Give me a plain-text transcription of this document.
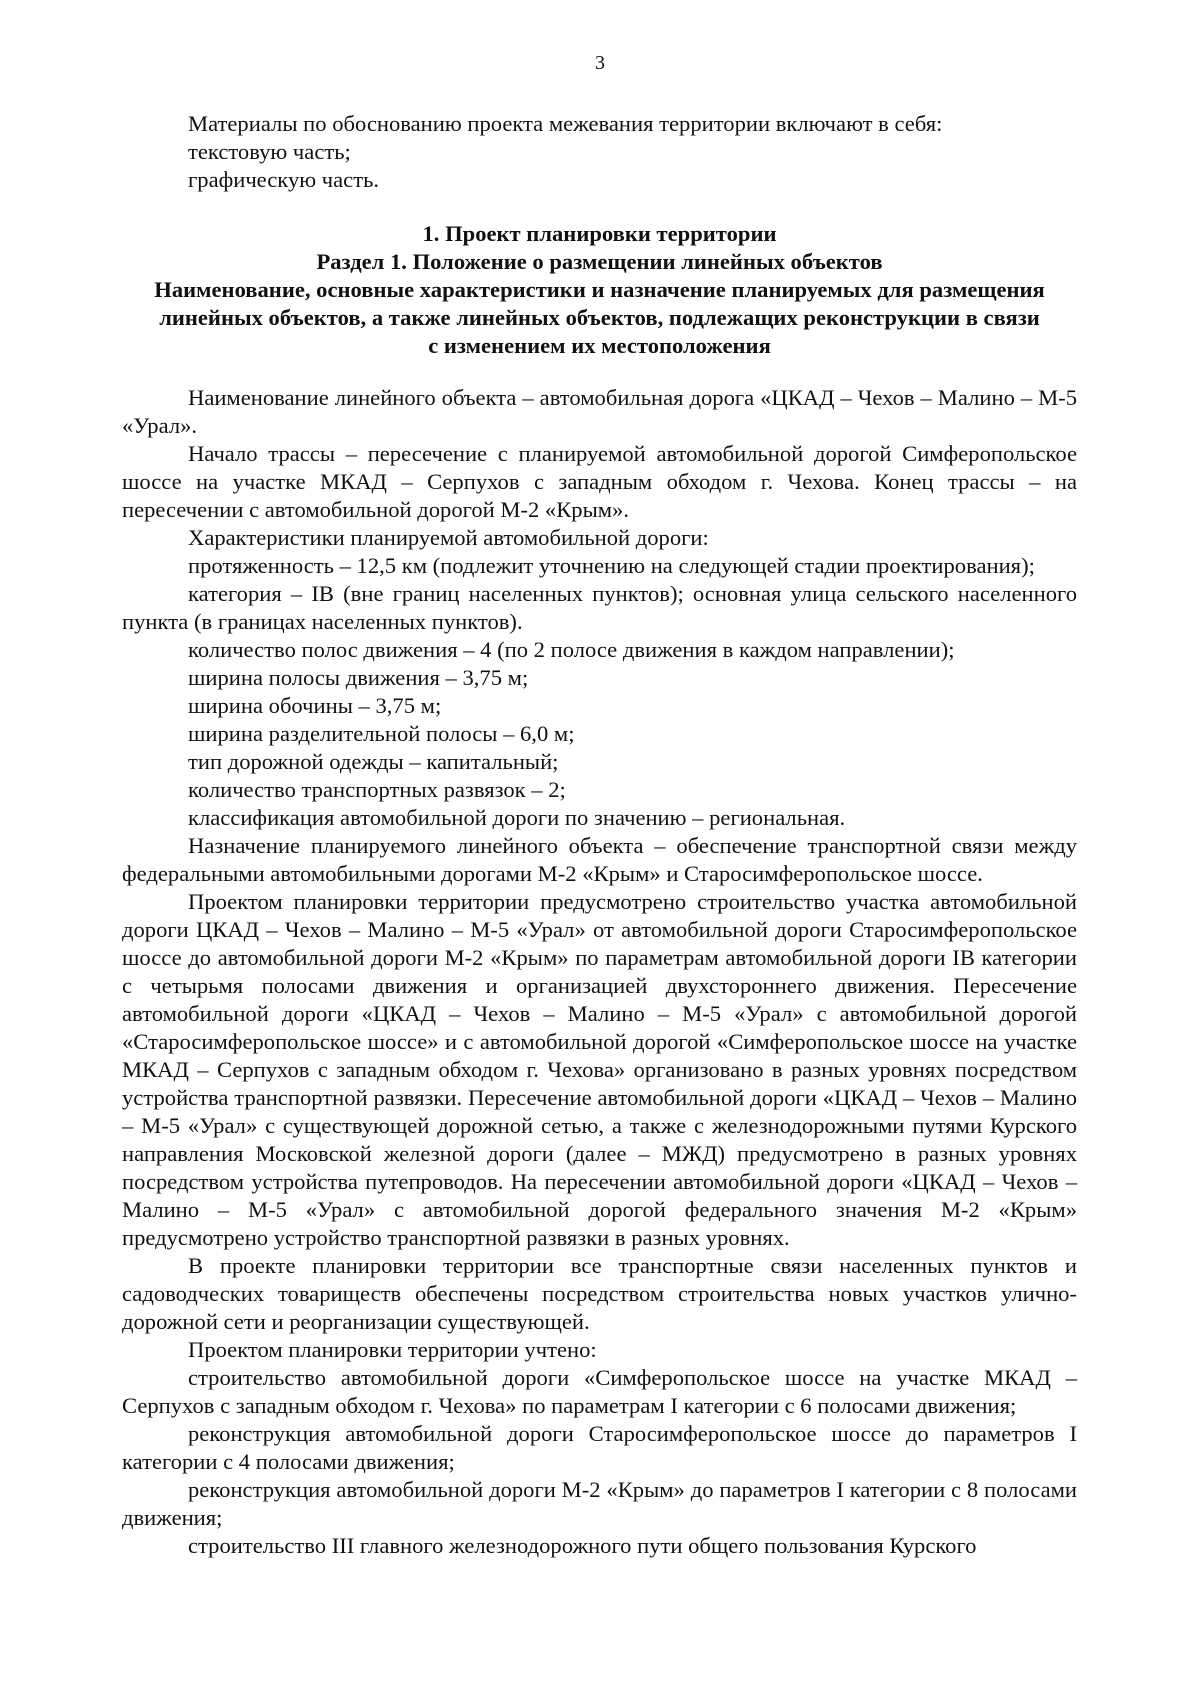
3

Материалы по обоснованию проекта межевания территории включают в себя:

текстовую часть;

графическую часть.

1. Проект планировки территории

Раздел 1. Положение о размещении линейных объектов

Наименование, основные характеристики и назначение планируемых для размещения

линейных объектов, а также линейных объектов, подлежащих реконструкции в связи

с изменением их местоположения

Наименование линейного объекта – автомобильная дорога «ЦКАД – Чехов – Малино – М-5 «Урал».

Начало трассы – пересечение с планируемой автомобильной дорогой Симферопольское шоссе на участке МКАД – Серпухов с западным обходом г. Чехова. Конец трассы – на пересечении с автомобильной дорогой М-2 «Крым».

Характеристики планируемой автомобильной дороги:

протяженность – 12,5 км (подлежит уточнению на следующей стадии проектирования);

категория – IВ (вне границ населенных пунктов); основная улица сельского населенного

пункта (в границах населенных пунктов).

количество полос движения – 4 (по 2 полосе движения в каждом направлении);

ширина полосы движения – 3,75 м;

ширина обочины – 3,75 м;

ширина разделительной полосы – 6,0 м;

тип дорожной одежды – капитальный;

количество транспортных развязок – 2;

классификация автомобильной дороги по значению – региональная.

Назначение планируемого линейного объекта – обеспечение транспортной связи между федеральными автомобильными дорогами М-2 «Крым» и Старосимферопольское шоссе.

Проектом планировки территории предусмотрено строительство участка автомобильной дороги ЦКАД – Чехов – Малино – М-5 «Урал» от автомобильной дороги Старосимферопольское шоссе до автомобильной дороги М-2 «Крым» по параметрам автомобильной дороги IВ категории с четырьмя полосами движения и организацией двухстороннего движения. Пересечение автомобильной дороги «ЦКАД – Чехов – Малино – М-5 «Урал» с автомобильной дорогой «Старосимферопольское шоссе» и с автомобильной дорогой «Симферопольское шоссе на участке МКАД – Серпухов с западным обходом г. Чехова» организовано в разных уровнях посредством устройства транспортной развязки. Пересечение автомобильной дороги «ЦКАД – Чехов – Малино – М-5 «Урал» с существующей дорожной сетью, а также с железнодорожными путями Курского направления Московской железной дороги (далее – МЖД) предусмотрено в разных уровнях посредством устройства путепроводов. На пересечении автомобильной дороги «ЦКАД – Чехов – Малино – М-5 «Урал» с автомобильной дорогой федерального значения М-2 «Крым» предусмотрено устройство транспортной развязки в разных уровнях.

В проекте планировки территории все транспортные связи населенных пунктов и садоводческих товариществ обеспечены посредством строительства новых участков улично-дорожной сети и реорганизации существующей.

Проектом планировки территории учтено:

строительство автомобильной дороги «Симферопольское шоссе на участке МКАД – Серпухов с западным обходом г. Чехова» по параметрам I категории с 6 полосами движения;

реконструкция автомобильной дороги Старосимферопольское шоссе до параметров I категории с 4 полосами движения;

реконструкция автомобильной дороги М-2 «Крым» до параметров I категории с 8 полосами движения;

строительство III главного железнодорожного пути общего пользования Курского
